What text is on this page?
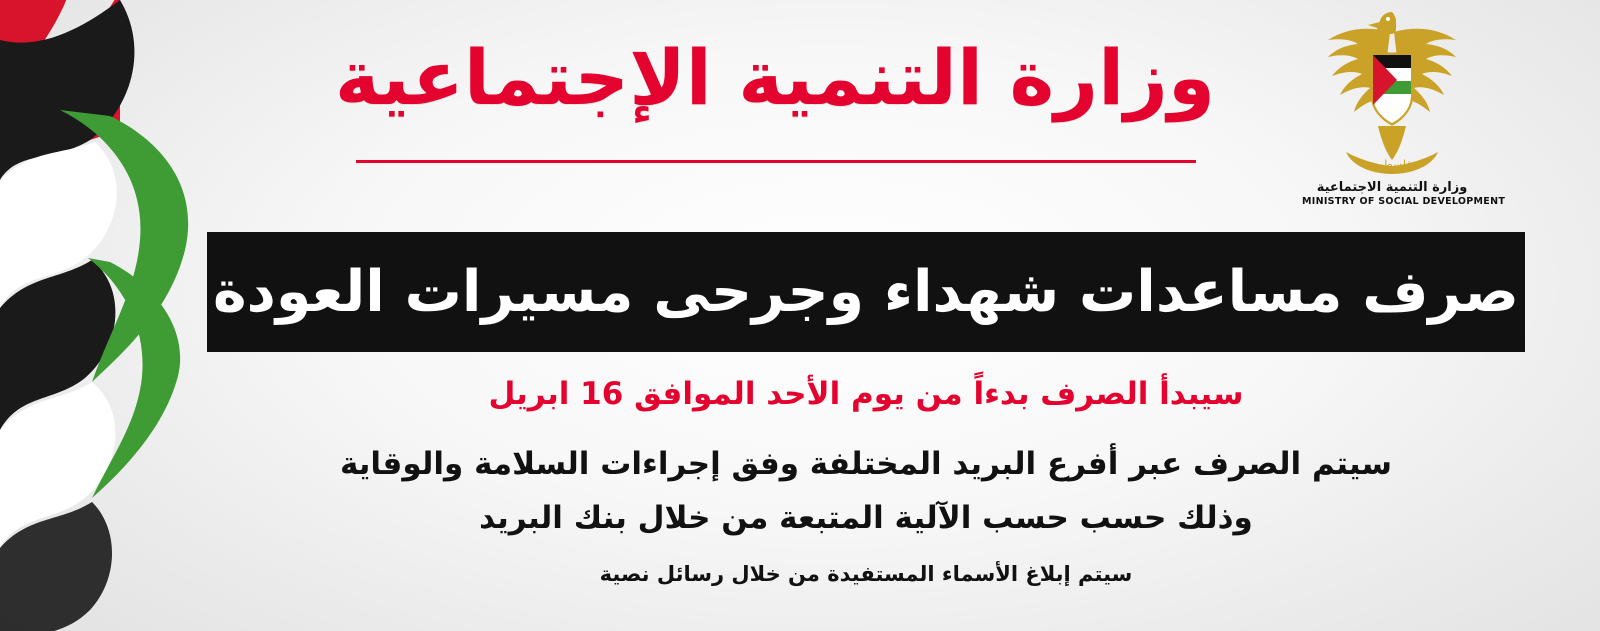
فلسطين
وزارة التنمية الاجتماعية
MINISTRY OF SOCIAL DEVELOPMENT
وزارة التنمية الإجتماعية
صرف مساعدات شهداء وجرحى مسيرات العودة
سيبدأ الصرف بدءاً من يوم الأحد الموافق 16 ابريل
سيتم الصرف عبر أفرع البريد المختلفة وفق إجراءات السلامة والوقاية
وذلك حسب حسب الآلية المتبعة من خلال بنك البريد
سيتم إبلاغ الأسماء المستفيدة من خلال رسائل نصية
